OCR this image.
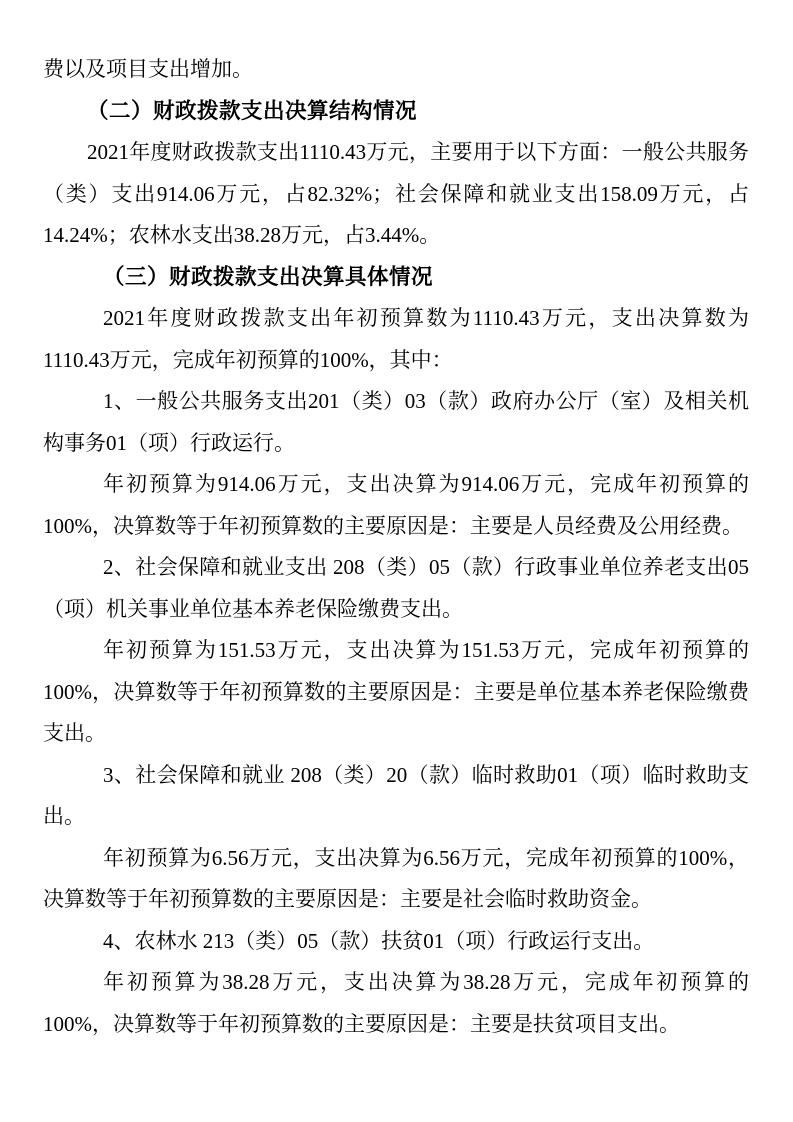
费以及项目支出增加。

（二）财政拨款支出决算结构情况

2021年度财政拨款支出1110.43万元，主要用于以下方面：一般公共服务（类）支出914.06万元，占82.32%；社会保障和就业支出158.09万元，占14.24%；农林水支出38.28万元，占3.44%。

（三）财政拨款支出决算具体情况

2021年度财政拨款支出年初预算数为1110.43万元，支出决算数为1110.43万元，完成年初预算的100%，其中：

1、一般公共服务支出201（类）03（款）政府办公厅（室）及相关机构事务01（项）行政运行。

年初预算为914.06万元，支出决算为914.06万元，完成年初预算的100%，决算数等于年初预算数的主要原因是：主要是人员经费及公用经费。

2、社会保障和就业支出 208（类）05（款）行政事业单位养老支出05（项）机关事业单位基本养老保险缴费支出。

年初预算为151.53万元，支出决算为151.53万元，完成年初预算的100%，决算数等于年初预算数的主要原因是：主要是单位基本养老保险缴费支出。

3、社会保障和就业 208（类）20（款）临时救助01（项）临时救助支出。

年初预算为6.56万元，支出决算为6.56万元，完成年初预算的100%，决算数等于年初预算数的主要原因是：主要是社会临时救助资金。

4、农林水 213（类）05（款）扶贫01（项）行政运行支出。

年初预算为38.28万元，支出决算为38.28万元，完成年初预算的100%，决算数等于年初预算数的主要原因是：主要是扶贫项目支出。
